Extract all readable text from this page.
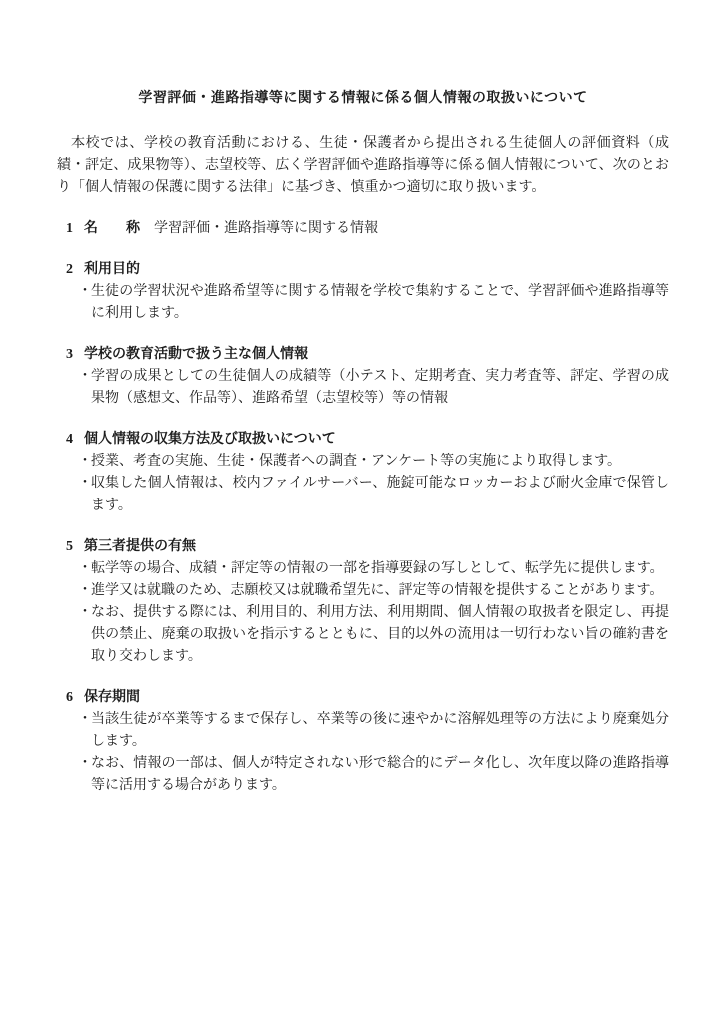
学習評価・進路指導等に関する情報に係る個人情報の取扱いについて

本校では、学校の教育活動における、生徒・保護者から提出される生徒個人の評価資料（成績・評定、成果物等）、志望校等、広く学習評価や進路指導等に係る個人情報について、次のとおり「個人情報の保護に関する法律」に基づき、慎重かつ適切に取り扱います。

1 名　　称 学習評価・進路指導等に関する情報
2 利用目的
・ 生徒の学習状況や進路希望等に関する情報を学校で集約することで、学習評価や進路指導等に利用します。
3 学校の教育活動で扱う主な個人情報
・ 学習の成果としての生徒個人の成績等（小テスト、定期考査、実力考査等、評定、学習の成果物（感想文、作品等）、進路希望（志望校等）等の情報
4 個人情報の収集方法及び取扱いについて
・ 授業、考査の実施、生徒・保護者への調査・アンケート等の実施により取得します。
・ 収集した個人情報は、校内ファイルサーバー、施錠可能なロッカーおよび耐火金庫で保管します。
5 第三者提供の有無
・ 転学等の場合、成績・評定等の情報の一部を指導要録の写しとして、転学先に提供します。
・ 進学又は就職のため、志願校又は就職希望先に、評定等の情報を提供することがあります。
・ なお、提供する際には、利用目的、利用方法、利用期間、個人情報の取扱者を限定し、再提供の禁止、廃棄の取扱いを指示するとともに、目的以外の流用は一切行わない旨の確約書を取り交わします。
6 保存期間
・ 当該生徒が卒業等するまで保存し、卒業等の後に速やかに溶解処理等の方法により廃棄処分します。
・ なお、情報の一部は、個人が特定されない形で総合的にデータ化し、次年度以降の進路指導等に活用する場合があります。
